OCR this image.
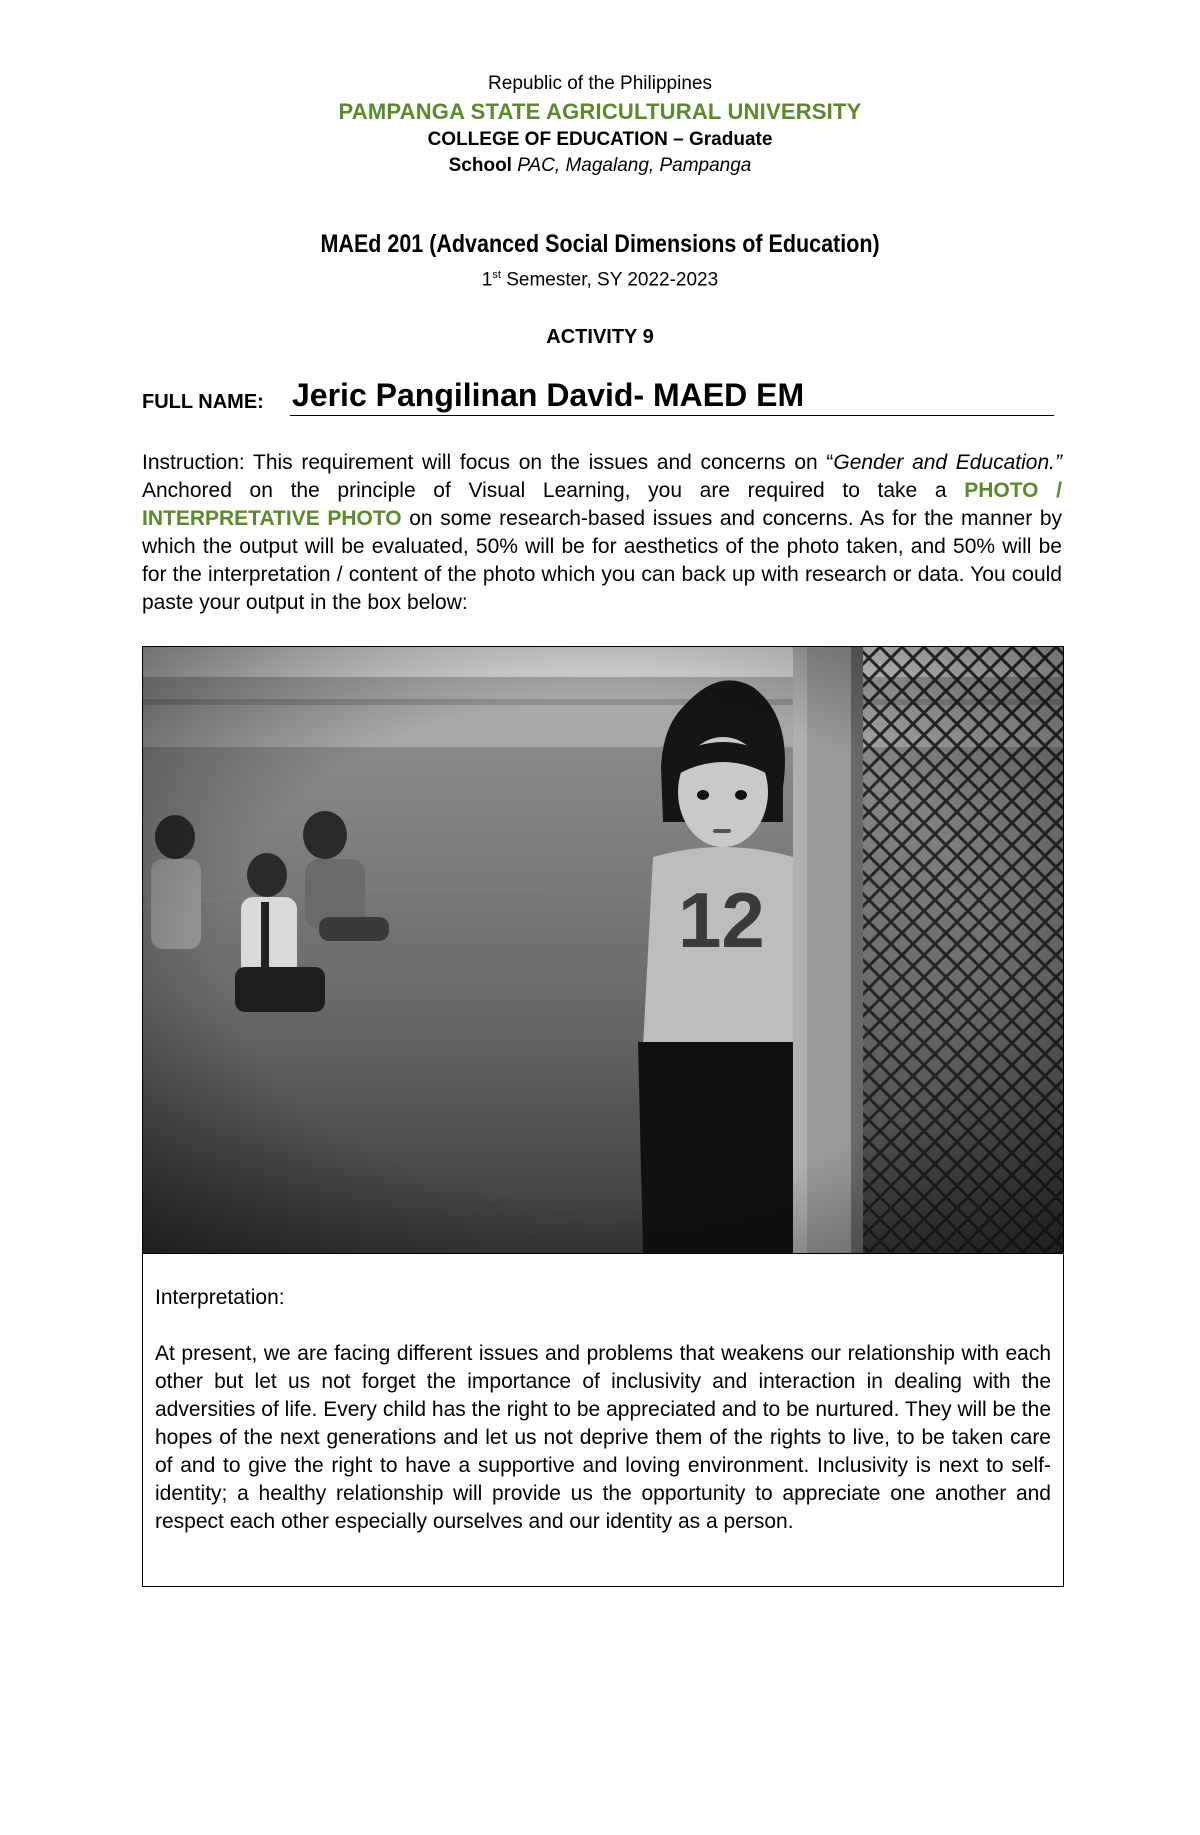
Republic of the Philippines
PAMPANGA STATE AGRICULTURAL UNIVERSITY
COLLEGE OF EDUCATION – Graduate
School PAC, Magalang, Pampanga
MAEd 201 (Advanced Social Dimensions of Education)
1st Semester, SY 2022-2023
ACTIVITY 9
FULL NAME: Jeric Pangilinan David- MAED EM
Instruction: This requirement will focus on the issues and concerns on “Gender and Education.” Anchored on the principle of Visual Learning, you are required to take a PHOTO / INTERPRETATIVE PHOTO on some research-based issues and concerns. As for the manner by which the output will be evaluated, 50% will be for aesthetics of the photo taken, and 50% will be for the interpretation / content of the photo which you can back up with research or data. You could paste your output in the box below:
Interpretation:
At present, we are facing different issues and problems that weakens our relationship with each other but let us not forget the importance of inclusivity and interaction in dealing with the adversities of life. Every child has the right to be appreciated and to be nurtured. They will be the hopes of the next generations and let us not deprive them of the rights to live, to be taken care of and to give the right to have a supportive and loving environment. Inclusivity is next to self-identity; a healthy relationship will provide us the opportunity to appreciate one another and respect each other especially ourselves and our identity as a person.
